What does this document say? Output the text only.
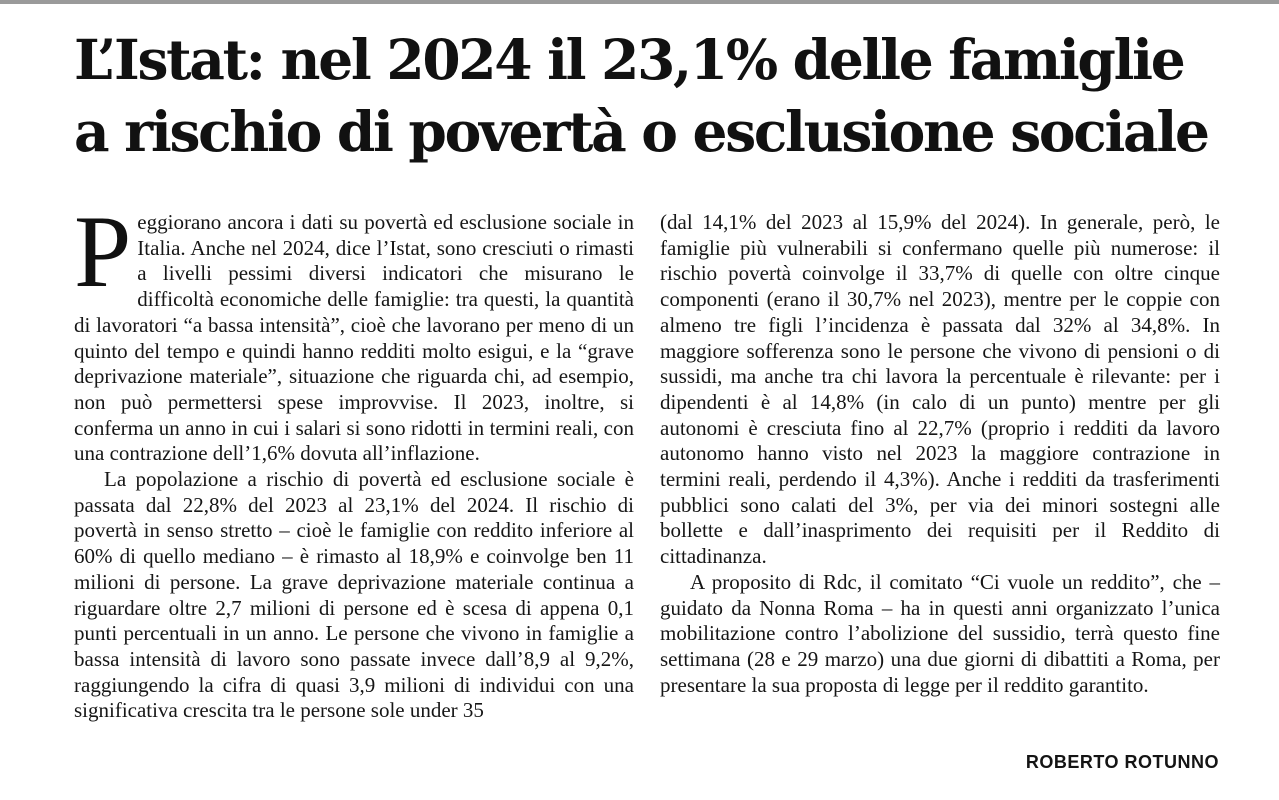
L’Istat: nel 2024 il 23,1% delle famiglie
a rischio di povertà o esclusione sociale

Peggiorano ancora i dati su povertà ed esclusione sociale in Italia. Anche nel 2024, dice l’Istat, sono cresciuti o rimasti a livelli pessimi diversi indicatori che misurano le difficoltà economiche delle famiglie: tra questi, la quantità di lavoratori “a bassa intensità”, cioè che lavorano per meno di un quinto del tempo e quindi hanno redditi molto esigui, e la “grave deprivazione materiale”, situazione che riguarda chi, ad esempio, non può permettersi spese improvvise. Il 2023, inoltre, si conferma un anno in cui i salari si sono ridotti in termini reali, con una contrazione dell’1,6% dovuta all’inflazione.

La popolazione a rischio di povertà ed esclusione sociale è passata dal 22,8% del 2023 al 23,1% del 2024. Il rischio di povertà in senso stretto – cioè le famiglie con reddito inferiore al 60% di quello mediano – è rimasto al 18,9% e coinvolge ben 11 milioni di persone. La grave deprivazione materiale continua a riguardare oltre 2,7 milioni di persone ed è scesa di appena 0,1 punti percentuali in un anno. Le persone che vivono in famiglie a bassa intensità di lavoro sono passate invece dall’8,9 al 9,2%, raggiungendo la cifra di quasi 3,9 milioni di individui con una significativa crescita tra le persone sole under 35

(dal 14,1% del 2023 al 15,9% del 2024). In generale, però, le famiglie più vulnerabili si confermano quelle più numerose: il rischio povertà coinvolge il 33,7% di quelle con oltre cinque componenti (erano il 30,7% nel 2023), mentre per le coppie con almeno tre figli l’incidenza è passata dal 32% al 34,8%. In maggiore sofferenza sono le persone che vivono di pensioni o di sussidi, ma anche tra chi lavora la percentuale è rilevante: per i dipendenti è al 14,8% (in calo di un punto) mentre per gli autonomi è cresciuta fino al 22,7% (proprio i redditi da lavoro autonomo hanno visto nel 2023 la maggiore contrazione in termini reali, perdendo il 4,3%). Anche i redditi da trasferimenti pubblici sono calati del 3%, per via dei minori sostegni alle bollette e dall’inasprimento dei requisiti per il Reddito di cittadinanza.

A proposito di Rdc, il comitato “Ci vuole un reddito”, che – guidato da Nonna Roma – ha in questi anni organizzato l’unica mobilitazione contro l’abolizione del sussidio, terrà questo fine settimana (28 e 29 marzo) una due giorni di dibattiti a Roma, per presentare la sua proposta di legge per il reddito garantito.

ROBERTO ROTUNNO
